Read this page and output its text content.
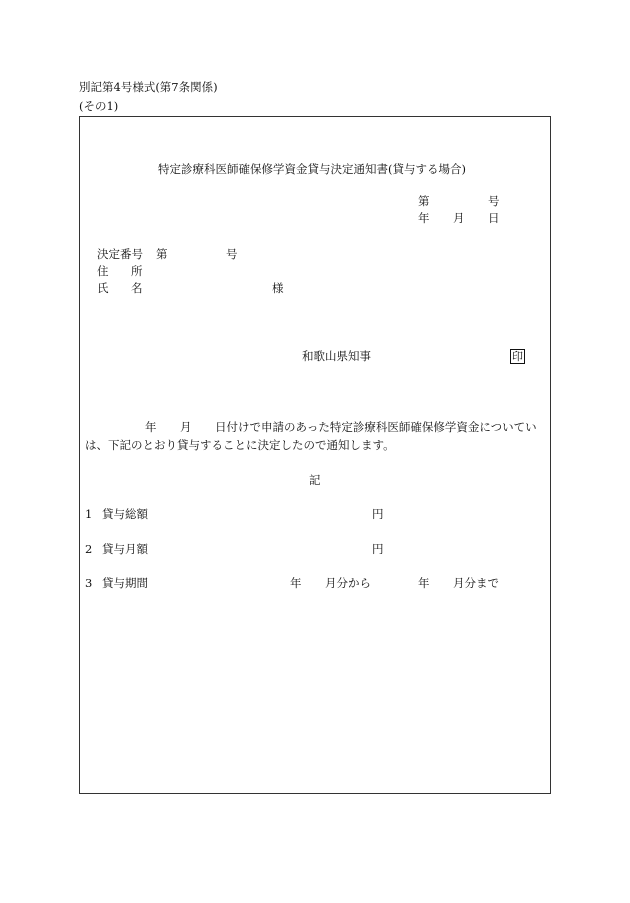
別記第4号様式(第7条関係)
(その1)
特定診療科医師確保修学資金貸与決定通知書(貸与する場合)
第	号
年 月 日
決定番号 第	号
住 所
氏 名	様
和歌山県知事	印
年 月 日付けで申請のあった特定診療科医師確保修学資金についてい
は、下記のとおり貸与することに決定したので通知します。
記
1 貸与総額	円
2 貸与月額	円
3 貸与期間	年 月分から	年 月分まで
